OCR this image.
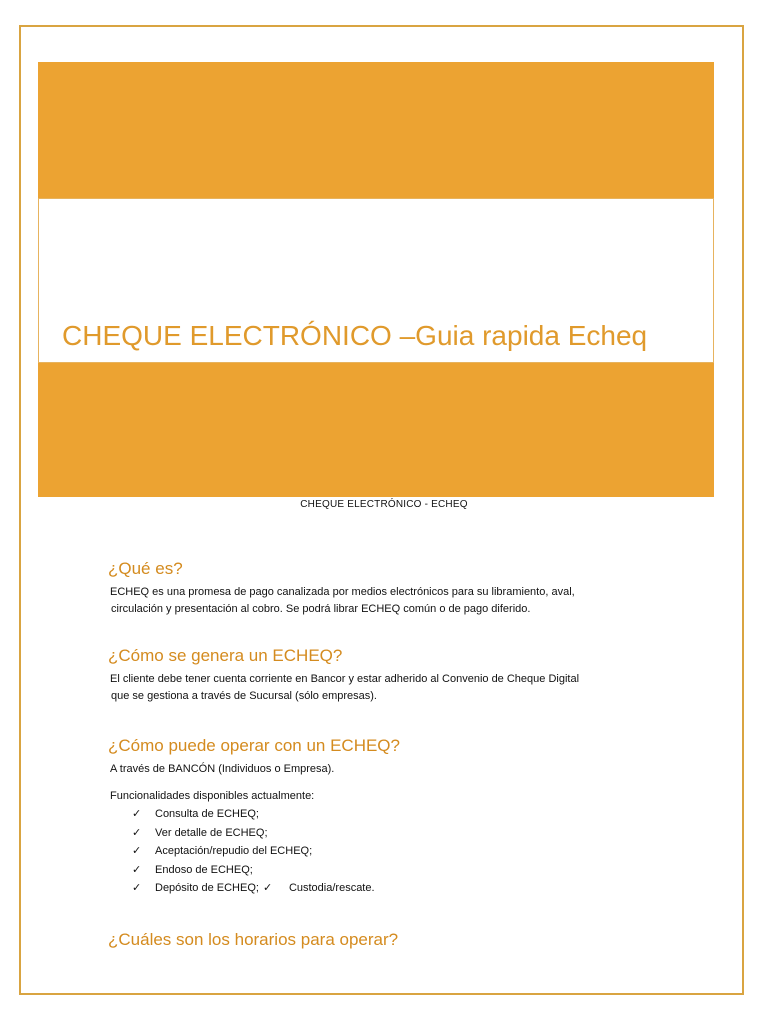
CHEQUE ELECTRÓNICO –Guia rapida Echeq
CHEQUE ELECTRÓNICO - ECHEQ
¿Qué es?
ECHEQ es una promesa de pago canalizada por medios electrónicos para su libramiento, aval,
circulación y presentación al cobro. Se podrá librar ECHEQ común o de pago diferido.
¿Cómo se genera un ECHEQ?
El cliente debe tener cuenta corriente en Bancor y estar adherido al Convenio de Cheque Digital
que se gestiona a través de Sucursal (sólo empresas).
¿Cómo puede operar con un ECHEQ?
A través de BANCÓN (Individuos o Empresa).
Funcionalidades disponibles actualmente:
✓ Consulta de ECHEQ;
✓ Ver detalle de ECHEQ;
✓ Aceptación/repudio del ECHEQ;
✓ Endoso de ECHEQ;
✓ Depósito de ECHEQ; ✓ Custodia/rescate.
¿Cuáles son los horarios para operar?
